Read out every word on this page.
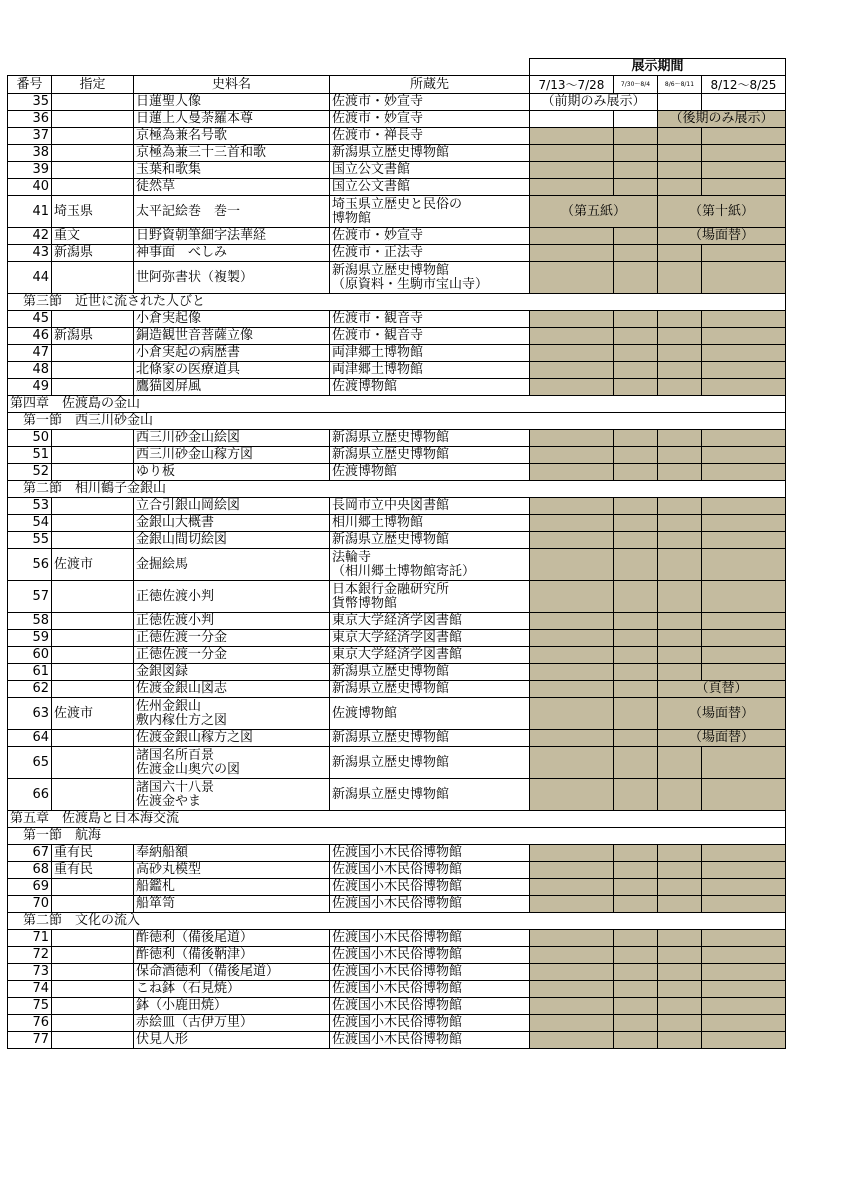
				展示期間			
番号	指定	史料名	所蔵先	7/13〜7/28	7/30〜8/4	8/6〜8/11	8/12〜8/25
35		日蓮聖人像	佐渡市・妙宣寺	（前期のみ展示）			
36		日蓮上人曼荼羅本尊	佐渡市・妙宣寺			（後期のみ展示）	
37		京極為兼名号歌	佐渡市・禅長寺				

38		京極為兼三十三首和歌	新潟県立歴史博物館				

39		玉葉和歌集	国立公文書館				

40		徒然草	国立公文書館				

41	埼玉県	太平記絵巻　巻一	埼玉県立歴史と民俗の
博物館	（第五紙）		（第十紙）	
42	重文	日野資朝筆細字法華経	佐渡市・妙宣寺			（場面替）	
43	新潟県	神事面　べしみ	佐渡市・正法寺				

44		世阿弥書状（複製）	新潟県立歴史博物館
（原資料・生駒市宝山寺）				

　第三節　近世に流された人びと							
45		小倉実起像	佐渡市・観音寺				

46	新潟県	銅造観世音菩薩立像	佐渡市・観音寺				

47		小倉実起の病歴書	両津郷土博物館				

48		北條家の医療道具	両津郷土博物館				

49		鷹猫図屏風	佐渡博物館				

第四章　佐渡島の金山							
　第一節　西三川砂金山							
50		西三川砂金山絵図	新潟県立歴史博物館				

51		西三川砂金山稼方図	新潟県立歴史博物館				

52		ゆり板	佐渡博物館				

　第二節　相川鶴子金銀山							
53		立合引銀山岡絵図	長岡市立中央図書館				

54		金銀山大概書	相川郷土博物館				

55		金銀山間切絵図	新潟県立歴史博物館				

56	佐渡市	金掘絵馬	法輪寺
（相川郷土博物館寄託）				

57		正徳佐渡小判	日本銀行金融研究所
貨幣博物館				

58		正徳佐渡小判	東京大学経済学図書館				

59		正徳佐渡一分金	東京大学経済学図書館				

60		正徳佐渡一分金	東京大学経済学図書館				

61		金銀図録	新潟県立歴史博物館				

62		佐渡金銀山図志	新潟県立歴史博物館			（頁替）	
63	佐渡市	佐州金銀山
敷内稼仕方之図	佐渡博物館			（場面替）	
64		佐渡金銀山稼方之図	新潟県立歴史博物館			（場面替）	
65		諸国名所百景
佐渡金山奥穴の図	新潟県立歴史博物館				

66		諸国六十八景
佐渡金やま	新潟県立歴史博物館				

第五章　佐渡島と日本海交流							
　第一節　航海							
67	重有民	奉納船額	佐渡国小木民俗博物館				

68	重有民	高砂丸模型	佐渡国小木民俗博物館				

69		船鑑札	佐渡国小木民俗博物館				

70		船箪笥	佐渡国小木民俗博物館				

　第二節　文化の流入							
71		酢徳利（備後尾道）	佐渡国小木民俗博物館				

72		酢徳利（備後鞆津）	佐渡国小木民俗博物館				

73		保命酒徳利（備後尾道）	佐渡国小木民俗博物館				

74		こね鉢（石見焼）	佐渡国小木民俗博物館				

75		鉢（小鹿田焼）	佐渡国小木民俗博物館				

76		赤絵皿（古伊万里）	佐渡国小木民俗博物館				

77		伏見人形	佐渡国小木民俗博物館				
